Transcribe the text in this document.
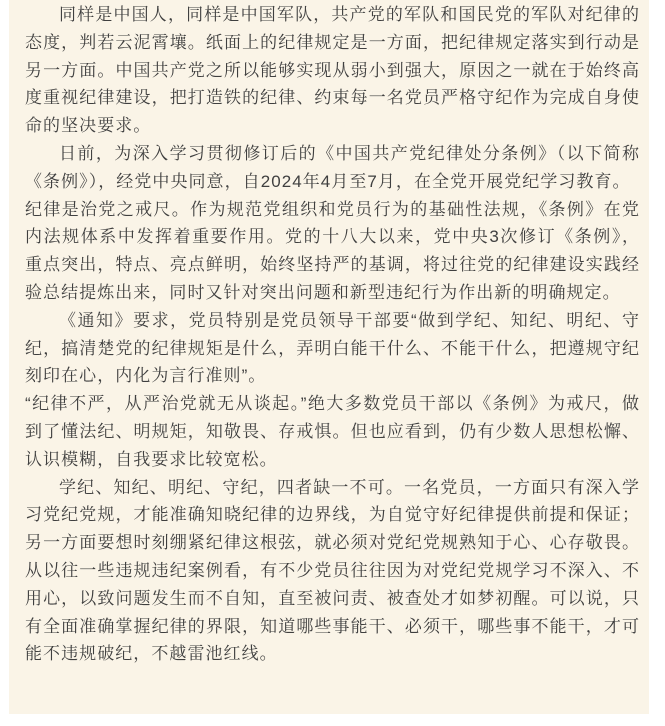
同样是中国人，同样是中国军队，共产党的军队和国民党的军队对纪律的态度，判若云泥霄壤。纸面上的纪律规定是一方面，把纪律规定落实到行动是另一方面。中国共产党之所以能够实现从弱小到强大，原因之一就在于始终高度重视纪律建设，把打造铁的纪律、约束每一名党员严格守纪作为完成自身使命的坚决要求。

日前，为深入学习贯彻修订后的《中国共产党纪律处分条例》（以下简称《条例》），经党中央同意，自2024年4月至7月，在全党开展党纪学习教育。

纪律是治党之戒尺。作为规范党组织和党员行为的基础性法规，《条例》在党内法规体系中发挥着重要作用。党的十八大以来，党中央3次修订《条例》，重点突出，特点、亮点鲜明，始终坚持严的基调，将过往党的纪律建设实践经验总结提炼出来，同时又针对突出问题和新型违纪行为作出新的明确规定。

《通知》要求，党员特别是党员领导干部要“做到学纪、知纪、明纪、守纪，搞清楚党的纪律规矩是什么，弄明白能干什么、不能干什么，把遵规守纪刻印在心，内化为言行准则”。

“纪律不严，从严治党就无从谈起。”绝大多数党员干部以《条例》为戒尺，做到了懂法纪、明规矩，知敬畏、存戒惧。但也应看到，仍有少数人思想松懈、认识模糊，自我要求比较宽松。

学纪、知纪、明纪、守纪，四者缺一不可。一名党员，一方面只有深入学习党纪党规，才能准确知晓纪律的边界线，为自觉守好纪律提供前提和保证；另一方面要想时刻绷紧纪律这根弦，就必须对党纪党规熟知于心、心存敬畏。从以往一些违规违纪案例看，有不少党员往往因为对党纪党规学习不深入、不用心，以致问题发生而不自知，直至被问责、被查处才如梦初醒。可以说，只有全面准确掌握纪律的界限，知道哪些事能干、必须干，哪些事不能干，才可能不违规破纪，不越雷池红线。
